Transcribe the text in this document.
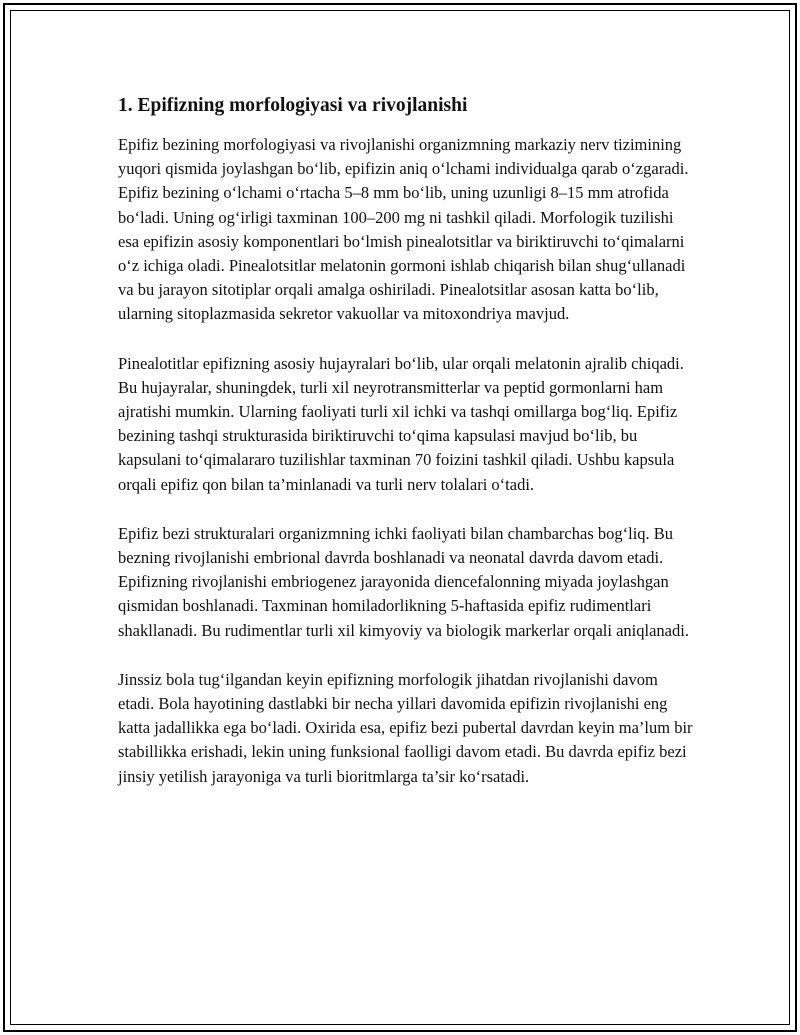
1. Epifizning morfologiyasi va rivojlanishi

Epifiz bezining morfologiyasi va rivojlanishi organizmning markaziy nerv tizimining yuqori qismida joylashgan bo‘lib, epifizin aniq o‘lchami individualga qarab o‘zgaradi. Epifiz bezining o‘lchami o‘rtacha 5–8 mm bo‘lib, uning uzunligi 8–15 mm atrofida bo‘ladi. Uning og‘irligi taxminan 100–200 mg ni tashkil qiladi. Morfologik tuzilishi esa epifizin asosiy komponentlari bo‘lmish pinealotsitlar va biriktiruvchi to‘qimalarni o‘z ichiga oladi. Pinealotsitlar melatonin gormoni ishlab chiqarish bilan shug‘ullanadi va bu jarayon sitotiplar orqali amalga oshiriladi. Pinealotsitlar asosan katta bo‘lib, ularning sitoplazmasida sekretor vakuollar va mitoxondriya mavjud.

Pinealotitlar epifizning asosiy hujayralari bo‘lib, ular orqali melatonin ajralib chiqadi. Bu hujayralar, shuningdek, turli xil neyrotransmitterlar va peptid gormonlarni ham ajratishi mumkin. Ularning faoliyati turli xil ichki va tashqi omillarga bog‘liq. Epifiz bezining tashqi strukturasida biriktiruvchi to‘qima kapsulasi mavjud bo‘lib, bu kapsulani to‘qimalararo tuzilishlar taxminan 70 foizini tashkil qiladi. Ushbu kapsula orqali epifiz qon bilan ta’minlanadi va turli nerv tolalari o‘tadi.

Epifiz bezi strukturalari organizmning ichki faoliyati bilan chambarchas bog‘liq. Bu bezning rivojlanishi embrional davrda boshlanadi va neonatal davrda davom etadi. Epifizning rivojlanishi embriogenez jarayonida diencefalonning miyada joylashgan qismidan boshlanadi. Taxminan homiladorlikning 5-haftasida epifiz rudimentlari shakllanadi. Bu rudimentlar turli xil kimyoviy va biologik markerlar orqali aniqlanadi.

Jinssiz bola tug‘ilgandan keyin epifizning morfologik jihatdan rivojlanishi davom etadi. Bola hayotining dastlabki bir necha yillari davomida epifizin rivojlanishi eng katta jadallikka ega bo‘ladi. Oxirida esa, epifiz bezi pubertal davrdan keyin ma’lum bir stabillikka erishadi, lekin uning funksional faolligi davom etadi. Bu davrda epifiz bezi jinsiy yetilish jarayoniga va turli bioritmlarga ta’sir ko‘rsatadi.
